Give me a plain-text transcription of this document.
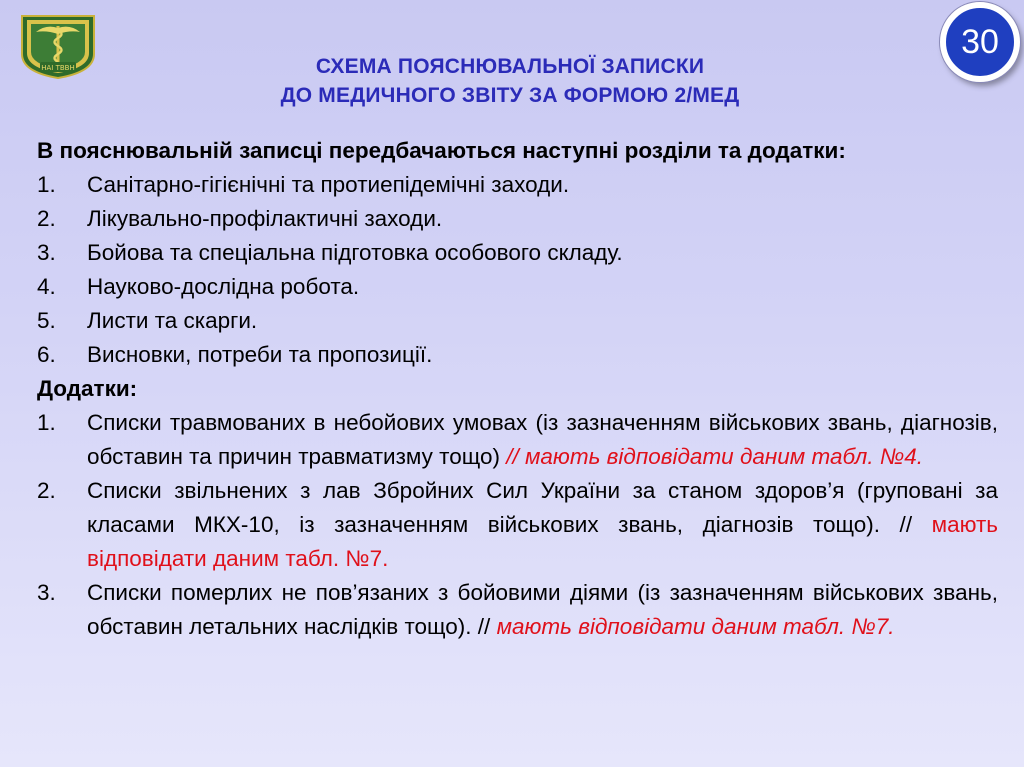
НАІ ТВВН
30
СХЕМА ПОЯСНЮВАЛЬНОЇ ЗАПИСКИ
ДО МЕДИЧНОГО ЗВІТУ ЗА ФОРМОЮ 2/МЕД
В пояснювальній записці передбачаються наступні розділи та додатки:
1.	Санітарно-гігієнічні та протиепідемічні заходи.
2.	Лікувально-профілактичні заходи.
3.	Бойова та спеціальна підготовка особового складу.
4.	Науково-дослідна робота.
5.	Листи та скарги.
6.	Висновки, потреби та пропозиції.
Додатки:
1.	Списки травмованих в небойових умовах (із зазначенням військових звань, діагнозів, обставин та причин травматизму тощо) // мають відповідати даним табл. №4.
2.	Списки звільнених з лав Збройних Сил України за станом здоров’я (груповані за класами МКХ-10, із зазначенням військових звань, діагнозів тощо). // мають відповідати даним табл. №7.
3.	Списки померлих не пов’язаних з бойовими діями (із зазначенням військових звань, обставин летальних наслідків тощо). // мають відповідати даним табл. №7.
